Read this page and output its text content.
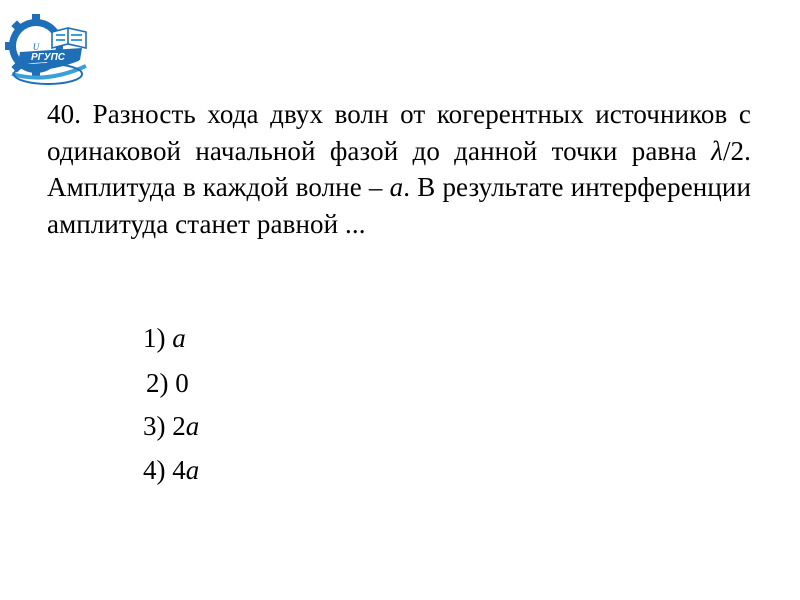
РГУПС
U

40. Разность хода двух волн от когерентных источников с одинаковой начальной фазой до данной точки равна λ/2. Амплитуда в каждой волне – a. В результате интерференции амплитуда станет равной ...

1) a
2) 0
3) 2a
4) 4a
